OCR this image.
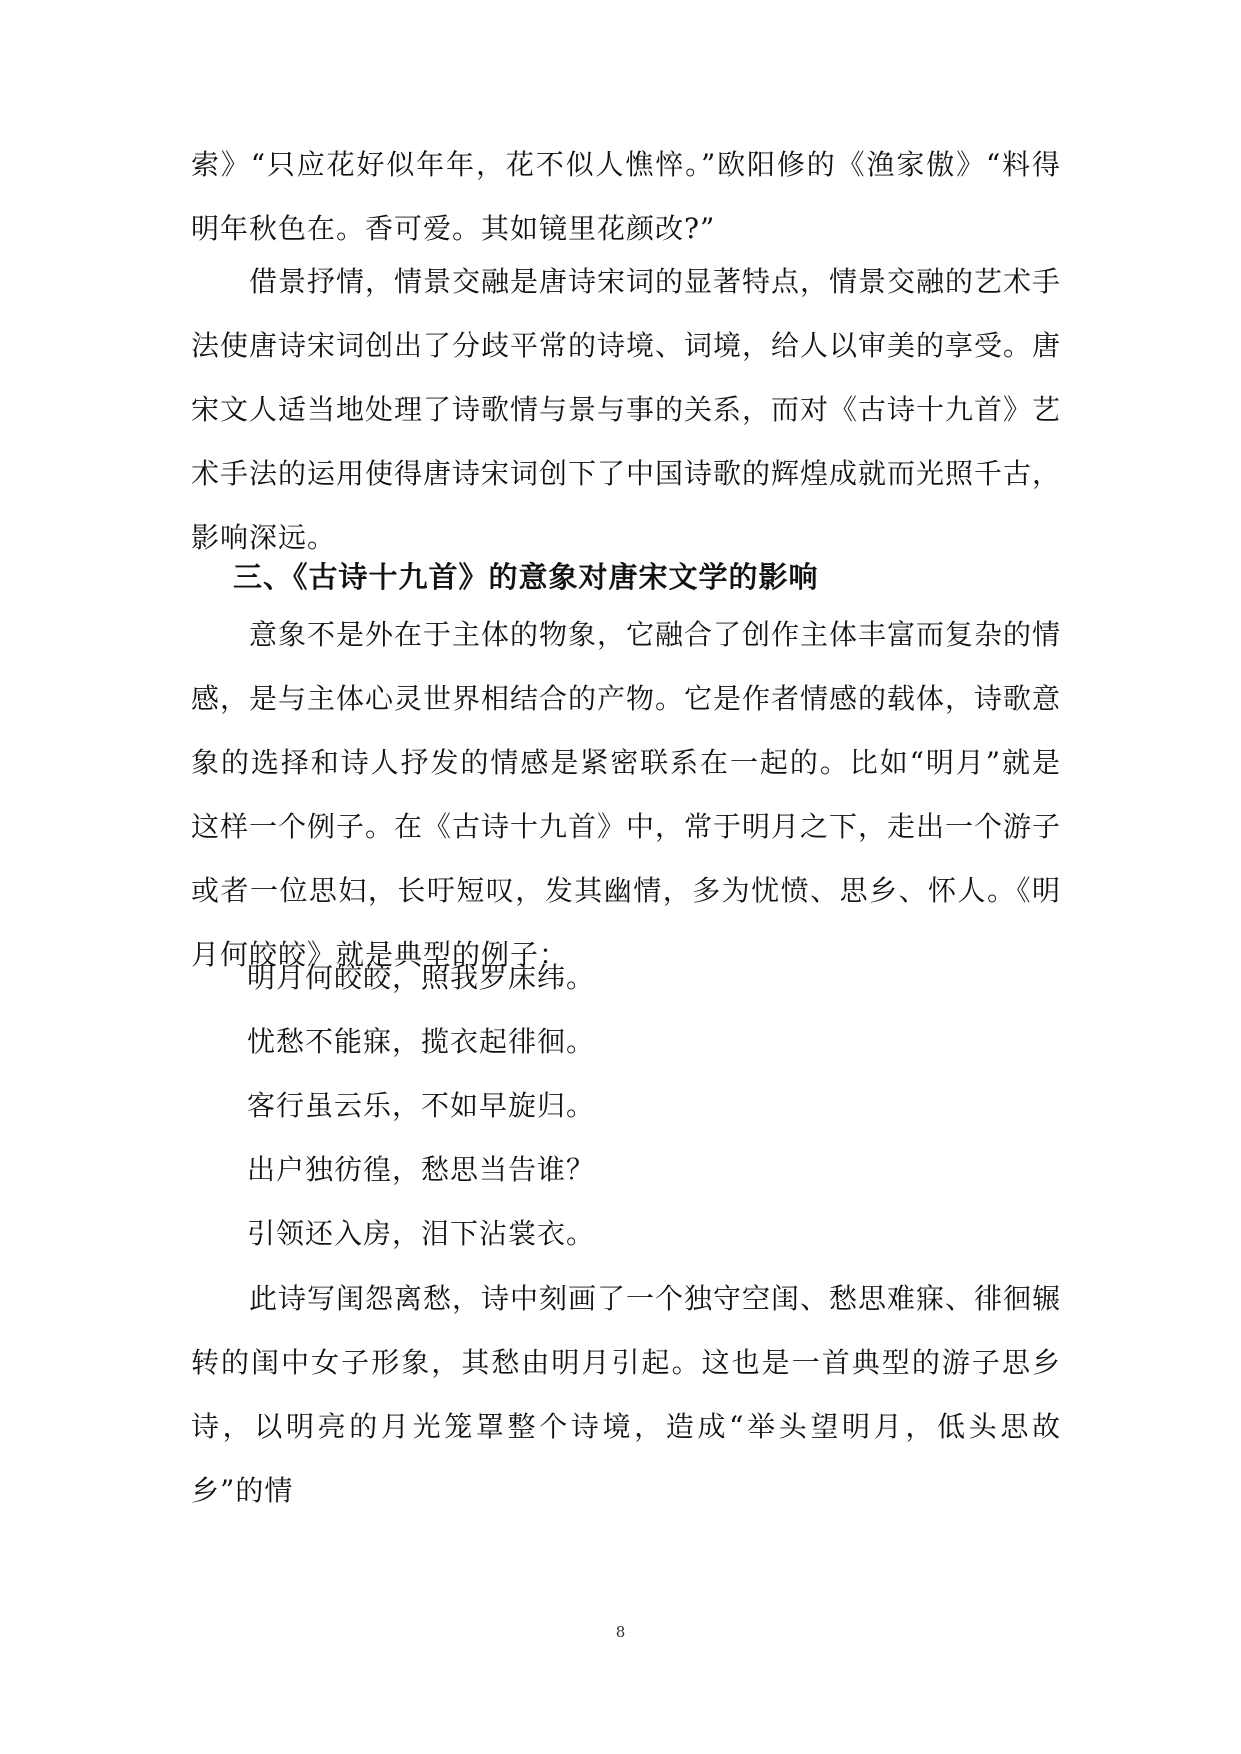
索》“只应花好似年年，花不似人憔悴。”欧阳修的《渔家傲》“料得明年秋色在。香可爱。其如镜里花颜改?”

借景抒情，情景交融是唐诗宋词的显著特点，情景交融的艺术手法使唐诗宋词创出了分歧平常的诗境、词境，给人以审美的享受。唐宋文人适当地处理了诗歌情与景与事的关系，而对《古诗十九首》艺术手法的运用使得唐诗宋词创下了中国诗歌的辉煌成就而光照千古，影响深远。

三、《古诗十九首》的意象对唐宋文学的影响

意象不是外在于主体的物象，它融合了创作主体丰富而复杂的情感，是与主体心灵世界相结合的产物。它是作者情感的载体，诗歌意象的选择和诗人抒发的情感是紧密联系在一起的。比如“明月”就是这样一个例子。在《古诗十九首》中，常于明月之下，走出一个游子或者一位思妇，长吁短叹，发其幽情，多为忧愤、思乡、怀人。《明月何皎皎》就是典型的例子：

明月何皎皎，照我罗床纬。

忧愁不能寐，揽衣起徘徊。

客行虽云乐，不如早旋归。

出户独彷徨，愁思当告谁？

引领还入房，泪下沾裳衣。

此诗写闺怨离愁，诗中刻画了一个独守空闺、愁思难寐、徘徊辗转的闺中女子形象，其愁由明月引起。这也是一首典型的游子思乡诗，以明亮的月光笼罩整个诗境，造成“举头望明月，低头思故乡”的情

8
